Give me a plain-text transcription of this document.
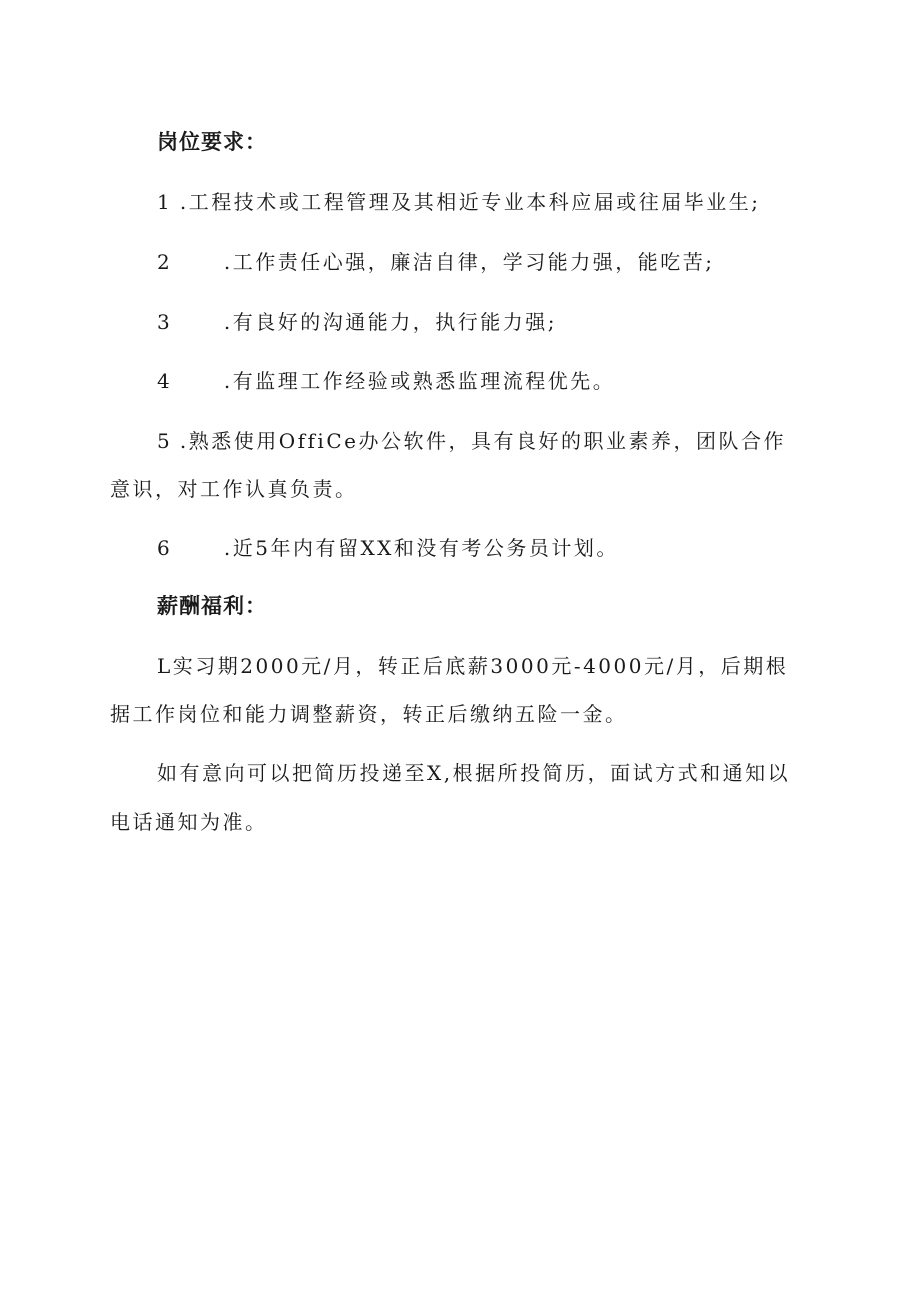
岗位要求：
1 .工程技术或工程管理及其相近专业本科应届或往届毕业生;
2	.工作责任心强，廉洁自律，学习能力强，能吃苦;
3	.有良好的沟通能力，执行能力强;
4	.有监理工作经验或熟悉监理流程优先。
5 .熟悉使用OffiCe办公软件，具有良好的职业素养，团队合作
意识，对工作认真负责。
6	.近5年内有留XX和没有考公务员计划。
薪酬福利：
L实习期2000元/月，转正后底薪3000元-4000元/月，后期根
据工作岗位和能力调整薪资，转正后缴纳五险一金。
如有意向可以把简历投递至X,根据所投简历，面试方式和通知以
电话通知为准。
